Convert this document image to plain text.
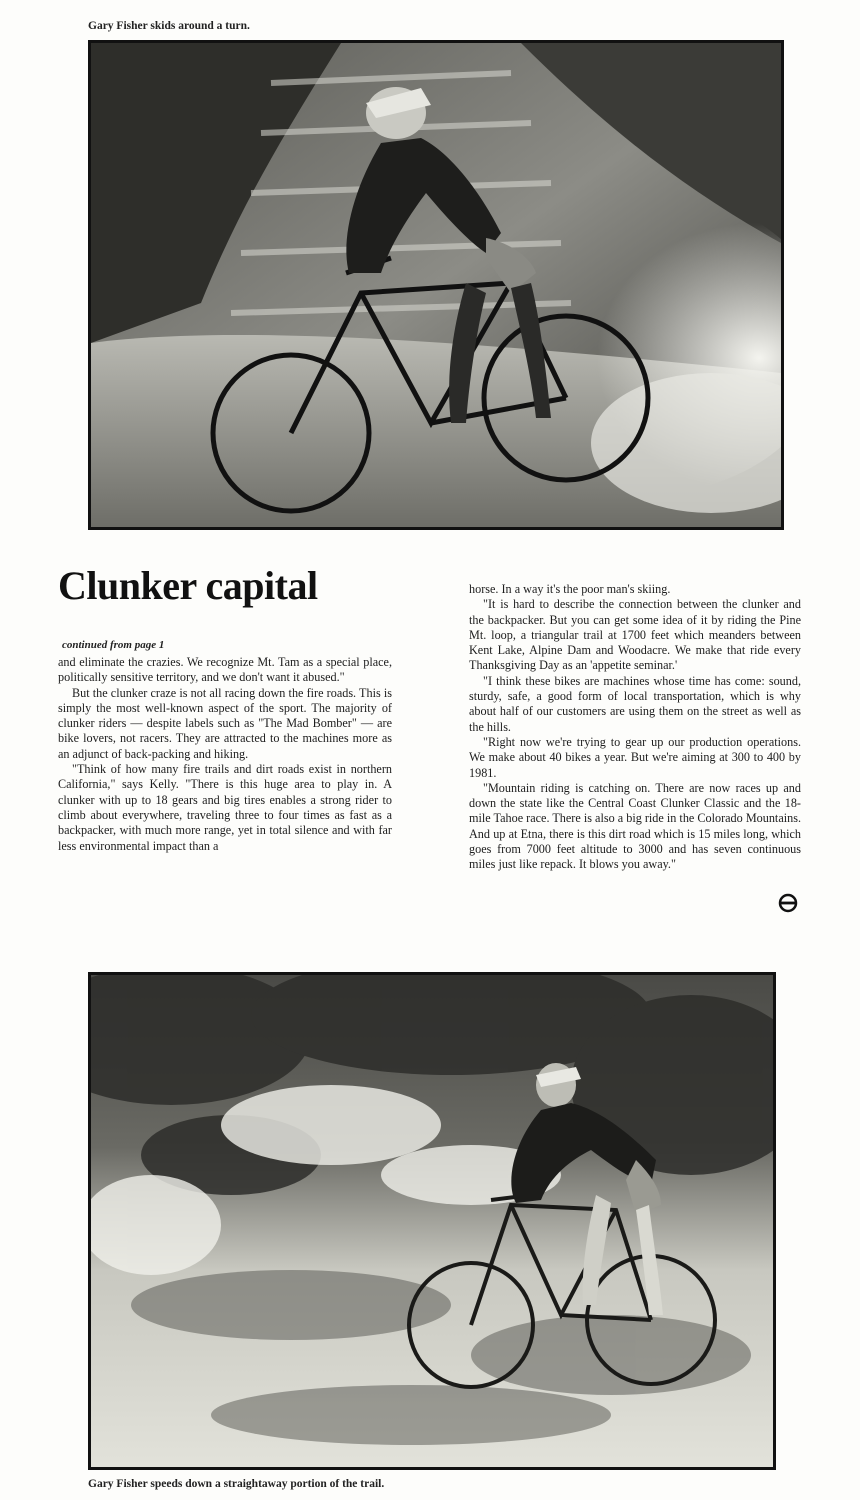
Gary Fisher skids around a turn.
Clunker capital
continued from page 1

and eliminate the crazies. We recognize Mt. Tam as a special place, politically sensitive territory, and we don't want it abused."

But the clunker craze is not all racing down the fire roads. This is simply the most well-known aspect of the sport. The majority of clunker riders — despite labels such as "The Mad Bomber" — are bike lovers, not racers. They are attracted to the machines more as an adjunct of back-packing and hiking.

"Think of how many fire trails and dirt roads exist in northern California," says Kelly. "There is this huge area to play in. A clunker with up to 18 gears and big tires enables a strong rider to climb about everywhere, traveling three to four times as fast as a backpacker, with much more range, yet in total silence and with far less environmental impact than a

horse. In a way it's the poor man's skiing.

"It is hard to describe the connection between the clunker and the backpacker. But you can get some idea of it by riding the Pine Mt. loop, a triangular trail at 1700 feet which meanders between Kent Lake, Alpine Dam and Woodacre. We make that ride every Thanksgiving Day as an 'appetite seminar.'

"I think these bikes are machines whose time has come: sound, sturdy, safe, a good form of local transportation, which is why about half of our customers are using them on the street as well as the hills.

"Right now we're trying to gear up our production operations. We make about 40 bikes a year. But we're aiming at 300 to 400 by 1981.

"Mountain riding is catching on. There are now races up and down the state like the Central Coast Clunker Classic and the 18-mile Tahoe race. There is also a big ride in the Colorado Mountains. And up at Etna, there is this dirt road which is 15 miles long, which goes from 7000 feet altitude to 3000 and has seven continuous miles just like repack. It blows you away."

Gary Fisher speeds down a straightaway portion of the trail.
